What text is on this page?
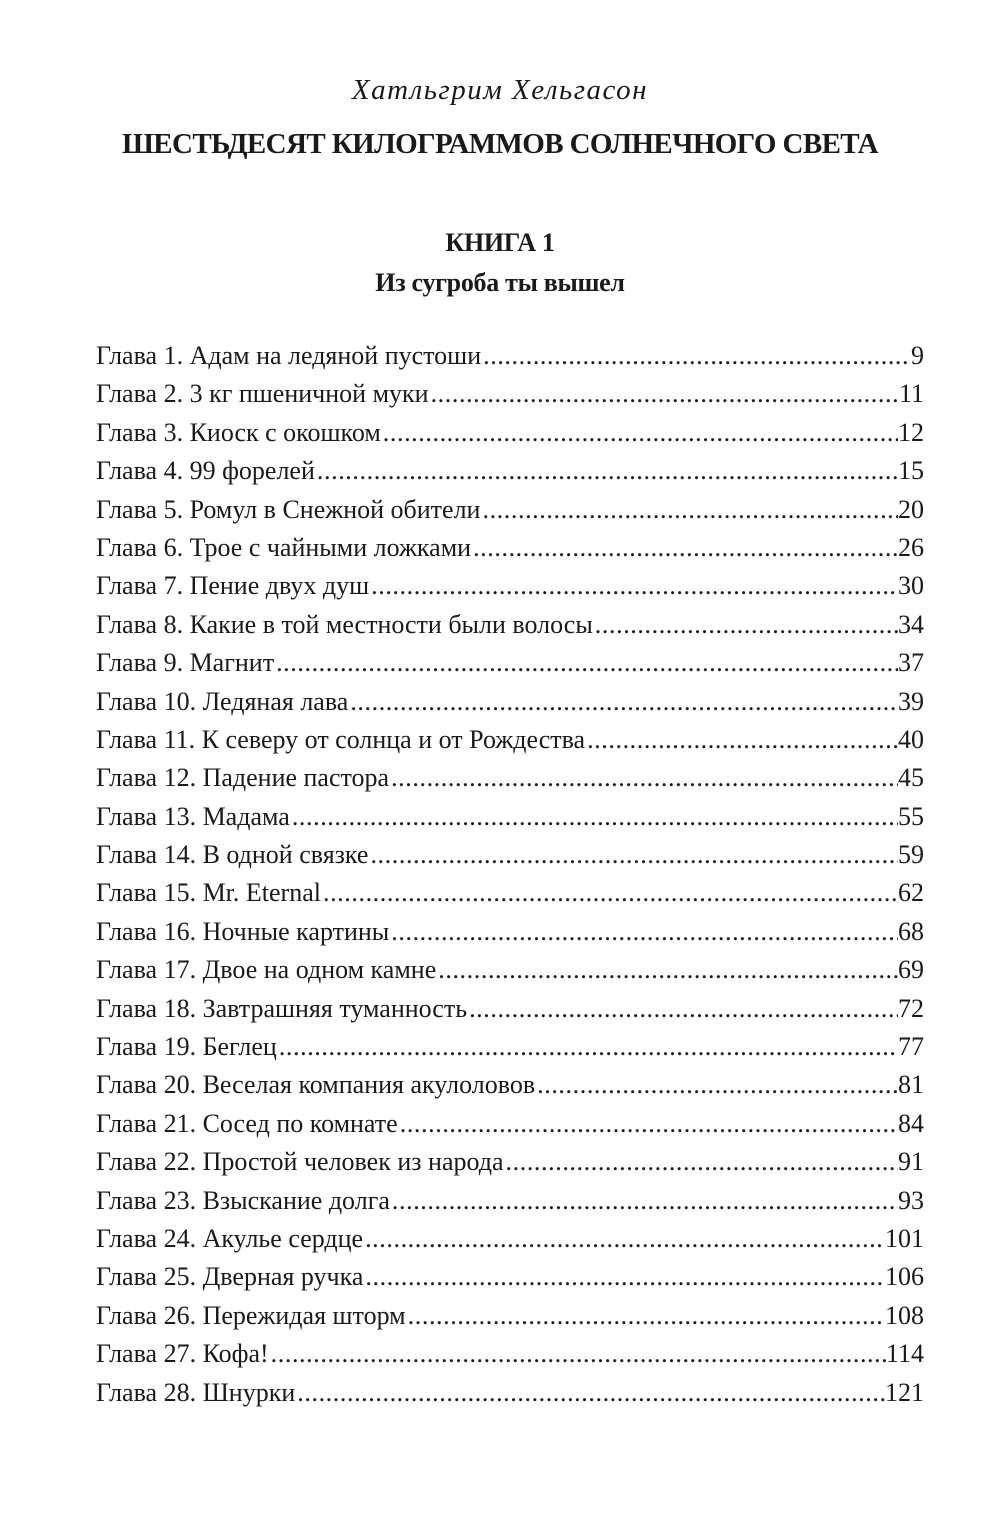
Хатльгрим Хельгасон
ШЕСТЬДЕСЯТ КИЛОГРАММОВ СОЛНЕЧНОГО СВЕТА
КНИГА 1
Из сугроба ты вышел
Глава 1. Адам на ледяной пустоши .....	9
Глава 2. 3 кг пшеничной муки .....	11
Глава 3. Киоск с окошком .....	12
Глава 4. 99 форелей .....	15
Глава 5. Ромул в Снежной обители .....	20
Глава 6. Трое с чайными ложками .....	26
Глава 7. Пение двух душ .....	30
Глава 8. Какие в той местности были волосы .....	34
Глава 9. Магнит .....	37
Глава 10. Ледяная лава .....	39
Глава 11. К северу от солнца и от Рождества .....	40
Глава 12. Падение пастора .....	45
Глава 13. Мадама .....	55
Глава 14. В одной связке .....	59
Глава 15. Mr. Eternal .....	62
Глава 16. Ночные картины .....	68
Глава 17. Двое на одном камне .....	69
Глава 18. Завтрашняя туманность .....	72
Глава 19. Беглец .....	77
Глава 20. Веселая компания акулоловов .....	81
Глава 21. Сосед по комнате .....	84
Глава 22. Простой человек из народа .....	91
Глава 23. Взыскание долга .....	93
Глава 24. Акулье сердце .....	101
Глава 25. Дверная ручка .....	106
Глава 26. Пережидая шторм .....	108
Глава 27. Кофа! .....	114
Глава 28. Шнурки .....	121
